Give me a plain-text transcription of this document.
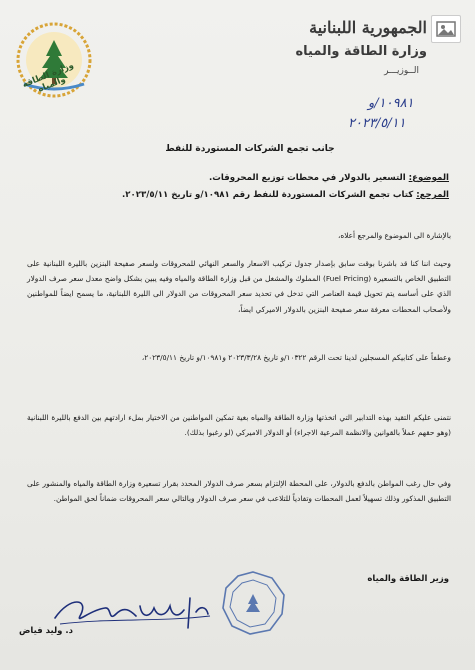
وزارة الطاقة والمياه
الجمهورية اللبنانية
وزارة الطاقة والمياه
الــوزيـــر
١٠٩٨١/و
٢٠٢٣/٥/١١
جانب تجمع الشركات المستوردة للنفط
الموضوع: التسعير بالدولار في محطات توزيع المحروقات.
المرجع: كتاب تجمع الشركات المستوردة للنفط رقم ١٠٩٨١/و تاريخ ٢٠٢٣/٥/١١.
بالإشارة الى الموضوع والمرجع أعلاه،
وحيث اننا كنا قد باشرنا بوقت سابق بإصدار جدول تركيب الاسعار والسعر النهائي للمحروقات ولسعر صفيحة البنزين بالليرة اللبنانية على التطبيق الخاص بالتسعيرة (Fuel Pricing) المملوك والمشغل من قبل وزارة الطاقة والمياه وفيه يبين بشكل واضح معدل سعر صرف الدولار الذي على أساسه يتم تحويل قيمة العناصر التي تدخل في تحديد سعر المحروقات من الدولار الى الليرة اللبنانية، ما يسمح ايضاً للمواطنين ولأصحاب المحطات معرفة سعر صفيحة البنزين بالدولار الاميركي ايضاً،
وعطفاً على كتابيكم المسجلين لدينا تحت الرقم ١٠٣٢٢/و تاريخ ٢٠٢٣/٣/٢٨ و١٠٩٨١/و تاريخ ٢٠٢٣/٥/١١،
نتمنى عليكم التقيد بهذه التدابير التي اتخذتها وزارة الطاقة والمياه بغية تمكين المواطنين من الاختيار بملء ارادتهم بين الدفع بالليرة اللبنانية (وهو حقهم عملاً بالقوانين والانظمة المرعية الاجراء) أو الدولار الاميركي (لو رغبوا بذلك).
وفي حال رغب المواطن بالدفع بالدولار، على المحطة الإلتزام بسعر صرف الدولار المحدد بقرار تسعيرة وزارة الطاقة والمياه والمنشور على التطبيق المذكور وذلك تسهيلاً لعمل المحطات وتفادياً للتلاعب في سعر صرف الدولار وبالتالي سعر المحروقات ضماناً لحق المواطن.
وزير الطاقة والمياه
د. وليد فياض
